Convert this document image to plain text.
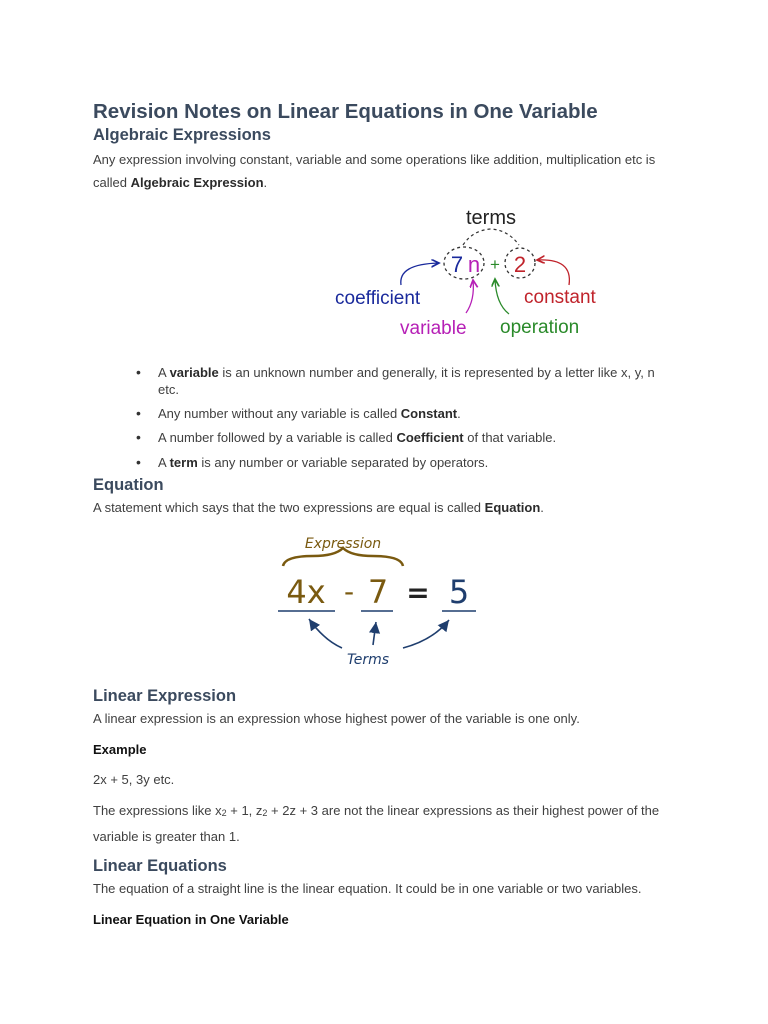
Revision Notes on Linear Equations in One Variable
Algebraic Expressions

Any expression involving constant, variable and some operations like addition, multiplication etc is called Algebraic Expression.

terms
7 n + 2
coefficient	constant
variable operation
• A variable is an unknown number and generally, it is represented by a letter like x, y, n etc.
• Any number without any variable is called Constant.
• A number followed by a variable is called Coefficient of that variable.
• A term is any number or variable separated by operators.
Equation

A statement which says that the two expressions are equal is called Equation.

Expression
4x - 7 = 5
Terms
Linear Expression

A linear expression is an expression whose highest power of the variable is one only.

Example

2x + 5, 3y etc.

The expressions like $x_2 + 1$, $z_2 + 2z + 3$ are not the linear expressions as their highest power of the variable is greater than 1.

Linear Equations

The equation of a straight line is the linear equation. It could be in one variable or two variables.

Linear Equation in One Variable
